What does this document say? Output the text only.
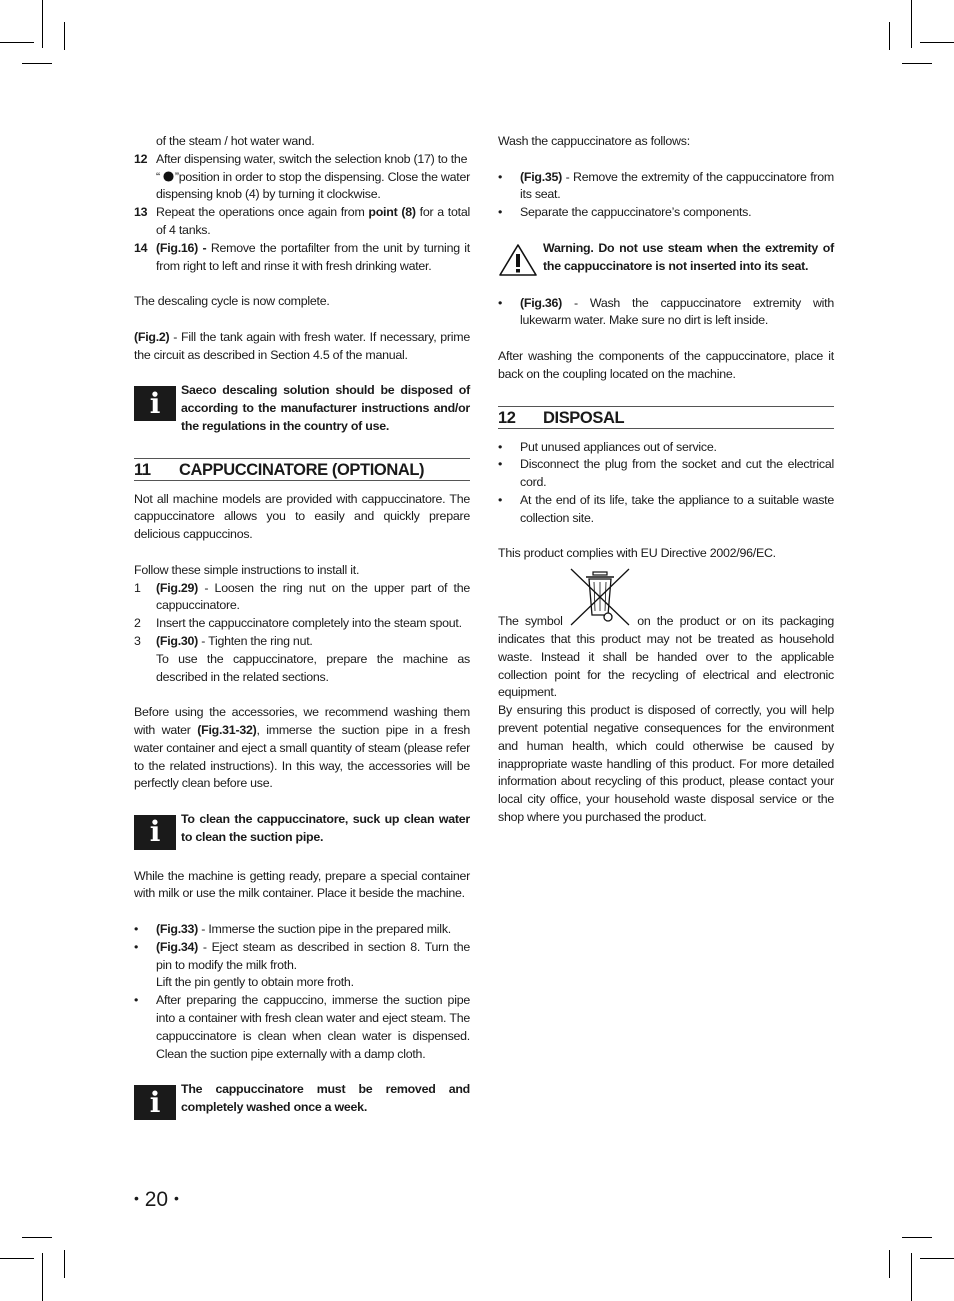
of the steam / hot water wand.

12 After dispensing water, switch the selection knob (17) to the
“ ”position in order to stop the dispensing. Close the water dispensing knob (4) by turning it clockwise.
13 Repeat the operations once again from point (8) for a total of 4 tanks.
14 (Fig.16) - Remove the portafilter from the unit by turning it from right to left and rinse it with fresh drinking water.

The descaling cycle is now complete.

(Fig.2) - Fill the tank again with fresh water. If necessary, prime the circuit as described in Section 4.5 of the manual.

i	Saeco descaling solution should be disposed of according to the manufacturer instructions and/or the regulations in the country of use.
11 CAPPUCCINATORE (OPTIONAL)

Not all machine models are provided with cappuccinatore. The cappuccinatore allows you to easily and quickly prepare delicious cappuccinos.

Follow these simple instructions to install it.

1 (Fig.29) - Loosen the ring nut on the upper part of the cappuccinatore.
2 Insert the cappuccinatore completely into the steam spout.
3 (Fig.30) - Tighten the ring nut.

To use the cappuccinatore, prepare the machine as described in the related sections.

Before using the accessories, we recommend washing them with water (Fig.31-32), immerse the suction pipe in a fresh water container and eject a small quantity of steam (please refer to the related instructions). In this way, the accessories will be perfectly clean before use.

i	To clean the cappuccinatore, suck up clean water to clean the suction pipe.

While the machine is getting ready, prepare a special container with milk or use the milk container. Place it beside the machine.

• (Fig.33) - Immerse the suction pipe in the prepared milk.
• (Fig.34) - Eject steam as described in section 8. Turn the pin to modify the milk froth.

Lift the pin gently to obtain more froth.

• After preparing the cappuccino, immerse the suction pipe into a container with fresh clean water and eject steam. The cappuccinatore is clean when clean water is dispensed. Clean the suction pipe externally with a damp cloth.
i	The cappuccinatore must be removed and completely washed once a week.

Wash the cappuccinatore as follows:

• (Fig.35) - Remove the extremity of the cappuccinatore from its seat.
• Separate the cappuccinatore’s components.
Warning. Do not use steam when the extremity of the cappuccinatore is not inserted into its seat.
• (Fig.36) - Wash the cappuccinatore extremity with lukewarm water. Make sure no dirt is left inside.

After washing the components of the cappuccinatore, place it back on the coupling located on the machine.

12 DISPOSAL
• Put unused appliances out of service.
• Disconnect the plug from the socket and cut the electrical cord.
• At the end of its life, take the appliance to a suitable waste collection site.

This product complies with EU Directive 2002/96/EC.

The symbol	on the product or on its packaging indicates that this product may not be treated as household waste. Instead it shall be handed over to the applicable collection point for the recycling of electrical and electronic equipment.

By ensuring this product is disposed of correctly, you will help prevent potential negative consequences for the environment and human health, which could otherwise be caused by inappropriate waste handling of this product. For more detailed information about recycling of this product, please contact your local city office, your household waste disposal service or the shop where you purchased the product.

• 20 •
